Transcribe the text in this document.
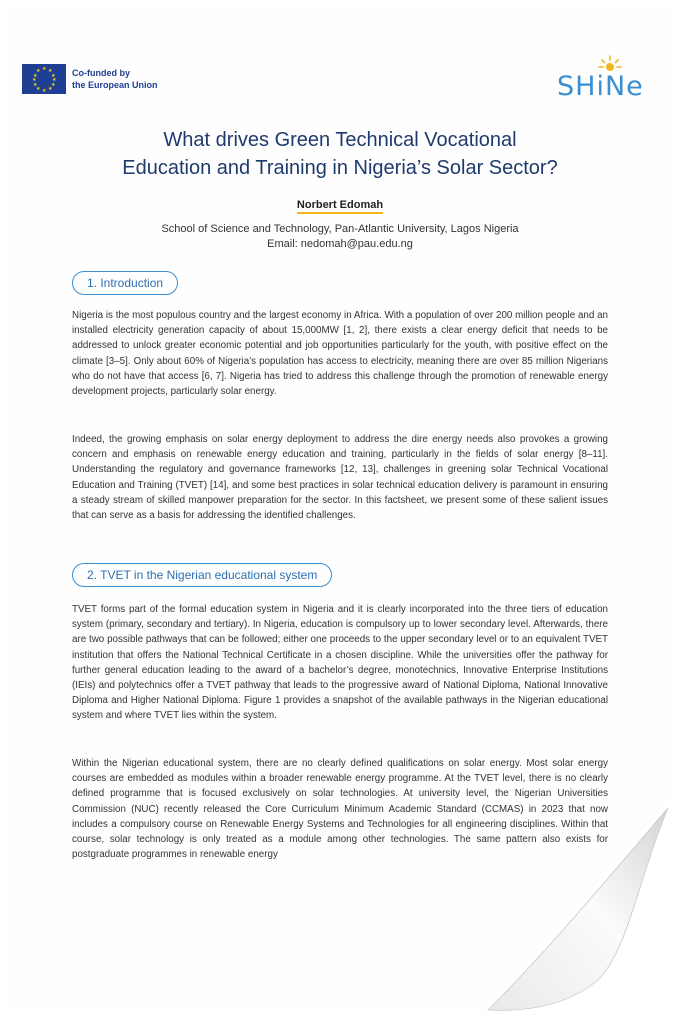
★ ★
★
★
★
★
★
★
★
★
★
★	Co-funded by
the European Union	SHiNe
What drives Green Technical Vocational
Education and Training in Nigeria’s Solar Sector?
Norbert Edomah
School of Science and Technology, Pan-Atlantic University, Lagos Nigeria
Email: nedomah@pau.edu.ng
1. Introduction

Nigeria is the most populous country and the largest economy in Africa. With a population of over 200 million people and an installed electricity generation capacity of about 15,000MW [1, 2], there exists a clear energy deficit that needs to be addressed to unlock greater economic potential and job opportunities particularly for the youth, with positive effect on the climate [3–5]. Only about 60% of Nigeria’s population has access to electricity, meaning there are over 85 million Nigerians who do not have that access [6, 7]. Nigeria has tried to address this challenge through the promotion of renewable energy development projects, particularly solar energy.

Indeed, the growing emphasis on solar energy deployment to address the dire energy needs also provokes a growing concern and emphasis on renewable energy education and training, particularly in the fields of solar energy [8–11]. Understanding the regulatory and governance frameworks [12, 13], challenges in greening solar Technical Vocational Education and Training (TVET) [14], and some best practices in solar technical education delivery is paramount in ensuring a steady stream of skilled manpower preparation for the sector. In this factsheet, we present some of these salient issues that can serve as a basis for addressing the identified challenges.

2. TVET in the Nigerian educational system

TVET forms part of the formal education system in Nigeria and it is clearly incorporated into the three tiers of education system (primary, secondary and tertiary). In Nigeria, education is compulsory up to lower secondary level. Afterwards, there are two possible pathways that can be followed; either one proceeds to the upper secondary level or to an equivalent TVET institution that offers the National Technical Certificate in a chosen discipline. While the universities offer the pathway for further general education leading to the award of a bachelor’s degree, monotechnics, Innovative Enterprise Institutions (IEIs) and polytechnics offer a TVET pathway that leads to the progressive award of National Diploma, National Innovative Diploma and Higher National Diploma. Figure 1 provides a snapshot of the available pathways in the Nigerian educational system and where TVET lies within the system.

Within the Nigerian educational system, there are no clearly defined qualifications on solar energy. Most solar energy courses are embedded as modules within a broader renewable energy programme. At the TVET level, there is no clearly defined programme that is focused exclusively on solar technologies. At university level, the Nigerian Universities Commission (NUC) recently released the Core Curriculum Minimum Academic Standard (CCMAS) in 2023 that now includes a compulsory course on Renewable Energy Systems and Technologies for all engineering disciplines. Within that course, solar technology is only treated as a module among other technologies. The same pattern also exists for postgraduate programmes in renewable energy
